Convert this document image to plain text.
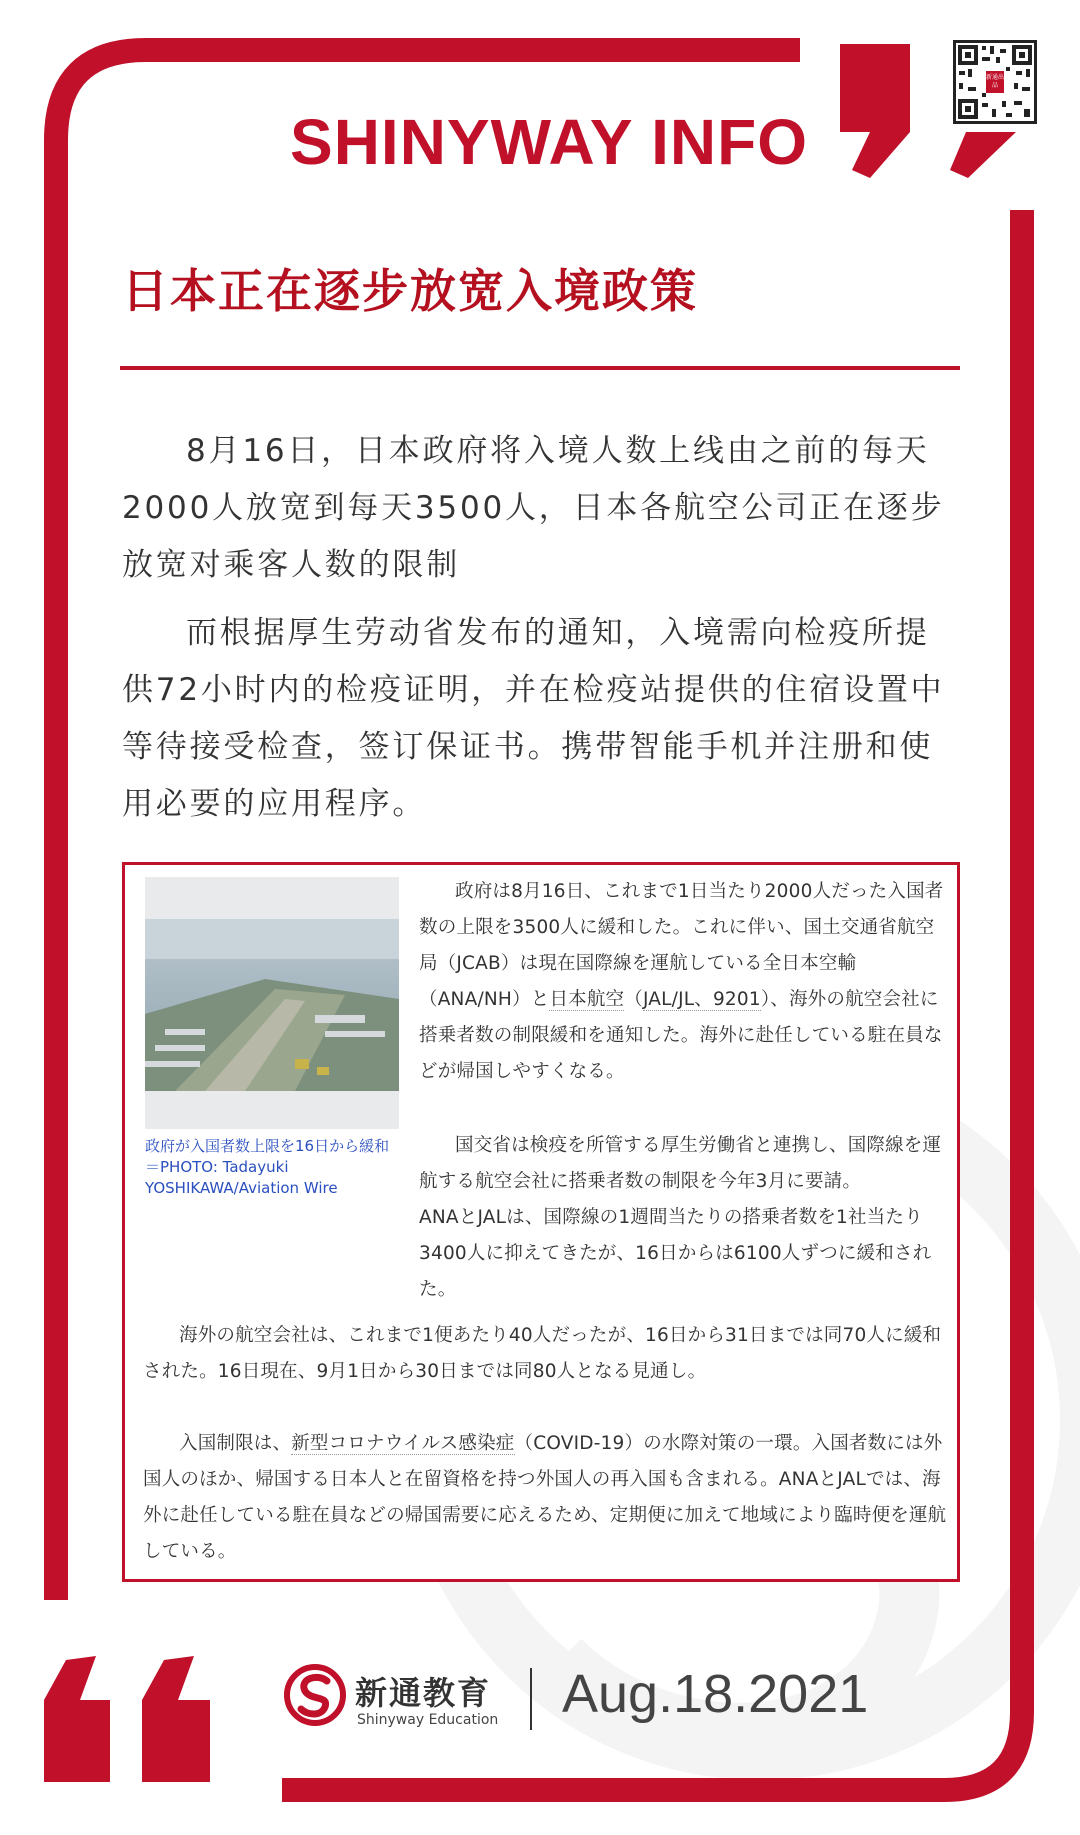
SHINYWAY INFO
新通出品
日本正在逐步放宽入境政策

8月16日，日本政府将入境人数上线由之前的每天2000人放宽到每天3500人，日本各航空公司正在逐步放宽对乘客人数的限制

而根据厚生劳动省发布的通知，入境需向检疫所提供72小时内的检疫证明，并在检疫站提供的住宿设置中等待接受检查，签订保证书。携带智能手机并注册和使用必要的应用程序。

政府が入国者数上限を16日から緩和＝PHOTO: Tadayuki YOSHIKAWA/Aviation Wire

政府は8月16日、これまで1日当たり2000人だった入国者数の上限を3500人に緩和した。これに伴い、国土交通省航空局（JCAB）は現在国際線を運航している全日本空輸（ANA/NH）と日本航空（JAL/JL、9201）、海外の航空会社に搭乗者数の制限緩和を通知した。海外に赴任している駐在員などが帰国しやすくなる。

国交省は検疫を所管する厚生労働省と連携し、国際線を運航する航空会社に搭乗者数の制限を今年3月に要請。

ANAとJALは、国際線の1週間当たりの搭乗者数を1社当たり3400人に抑えてきたが、16日からは6100人ずつに緩和された。

海外の航空会社は、これまで1便あたり40人だったが、16日から31日までは同70人に緩和された。16日現在、9月1日から30日までは同80人となる見通し。

入国制限は、新型コロナウイルス感染症（COVID-19）の水際対策の一環。入国者数には外国人のほか、帰国する日本人と在留資格を持つ外国人の再入国も含まれる。ANAとJALでは、海外に赴任している駐在員などの帰国需要に応えるため、定期便に加えて地域により臨時便を運航している。

新通教育
Shinyway Education Aug.18.2021
